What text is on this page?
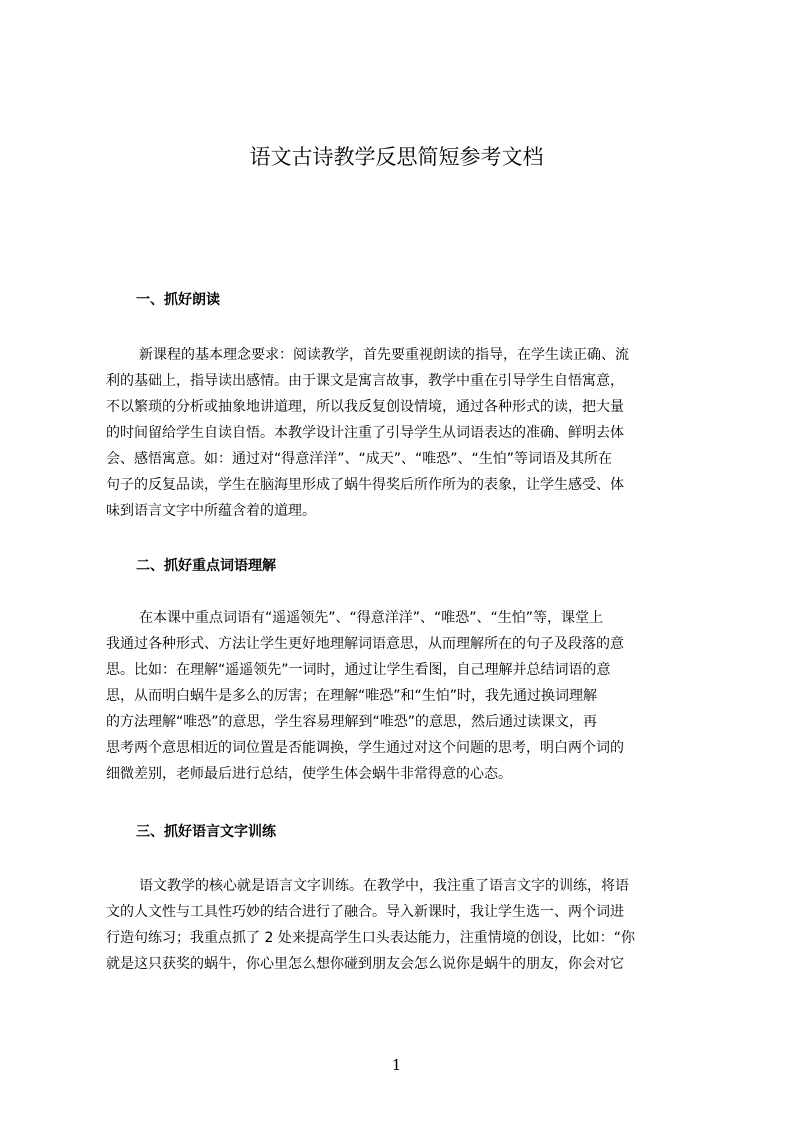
语文古诗教学反思简短参考文档
一、抓好朗读
新课程的基本理念要求：阅读教学，首先要重视朗读的指导，在学生读正确、流
利的基础上，指导读出感情。由于课文是寓言故事，教学中重在引导学生自悟寓意，
不以繁琐的分析或抽象地讲道理，所以我反复创设情境，通过各种形式的读，把大量
的时间留给学生自读自悟。本教学设计注重了引导学生从词语表达的准确、鲜明去体
会、感悟寓意。如：通过对“得意洋洋”、“成天”、“唯恐”、“生怕”等词语及其所在
句子的反复品读，学生在脑海里形成了蜗牛得奖后所作所为的表象，让学生感受、体
味到语言文字中所蕴含着的道理。
二、抓好重点词语理解
在本课中重点词语有“遥遥领先”、“得意洋洋”、“唯恐”、“生怕”等，课堂上
我通过各种形式、方法让学生更好地理解词语意思，从而理解所在的句子及段落的意
思。比如：在理解“遥遥领先”一词时，通过让学生看图，自己理解并总结词语的意
思，从而明白蜗牛是多么的厉害；在理解“唯恐”和“生怕”时，我先通过换词理解
的方法理解“唯恐”的意思，学生容易理解到“唯恐”的意思，然后通过读课文，再
思考两个意思相近的词位置是否能调换，学生通过对这个问题的思考，明白两个词的
细微差别，老师最后进行总结，使学生体会蜗牛非常得意的心态。
三、抓好语言文字训练
语文教学的核心就是语言文字训练。在教学中，我注重了语言文字的训练，将语
文的人文性与工具性巧妙的结合进行了融合。导入新课时，我让学生选一、两个词进
行造句练习；我重点抓了 2 处来提高学生口头表达能力，注重情境的创设，比如：“你
就是这只获奖的蜗牛，你心里怎么想你碰到朋友会怎么说你是蜗牛的朋友，你会对它
1
